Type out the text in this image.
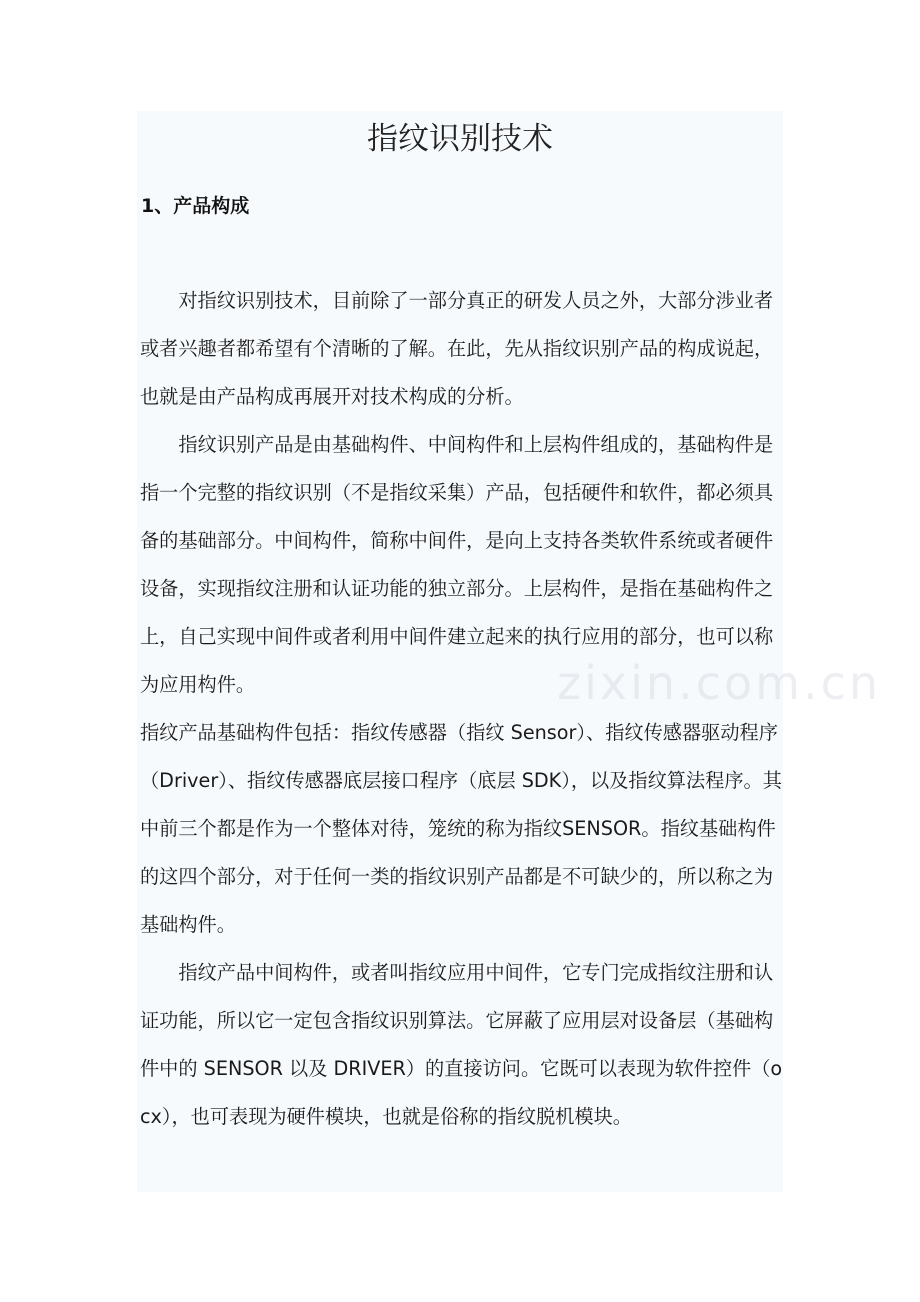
指纹识别技术
1、产品构成

　　对指纹识别技术，目前除了一部分真正的研发人员之外，大部分涉业者或者兴趣者都希望有个清晰的了解。在此，先从指纹识别产品的构成说起，也就是由产品构成再展开对技术构成的分析。

　　指纹识别产品是由基础构件、中间构件和上层构件组成的，基础构件是指一个完整的指纹识别（不是指纹采集）产品，包括硬件和软件，都必须具备的基础部分。中间构件，简称中间件，是向上支持各类软件系统或者硬件设备，实现指纹注册和认证功能的独立部分。上层构件，是指在基础构件之上，自己实现中间件或者利用中间件建立起来的执行应用的部分，也可以称为应用构件。

指纹产品基础构件包括：指纹传感器（指纹 Sensor）、指纹传感器驱动程序（Driver）、指纹传感器底层接口程序（底层 SDK），以及指纹算法程序。其中前三个都是作为一个整体对待，笼统的称为指纹SENSOR。指纹基础构件的这四个部分，对于任何一类的指纹识别产品都是不可缺少的，所以称之为基础构件。

　　指纹产品中间构件，或者叫指纹应用中间件，它专门完成指纹注册和认证功能，所以它一定包含指纹识别算法。它屏蔽了应用层对设备层（基础构件中的 SENSOR 以及 DRIVER）的直接访问。它既可以表现为软件控件（ocx），也可表现为硬件模块，也就是俗称的指纹脱机模块。

zixin.com.cn
